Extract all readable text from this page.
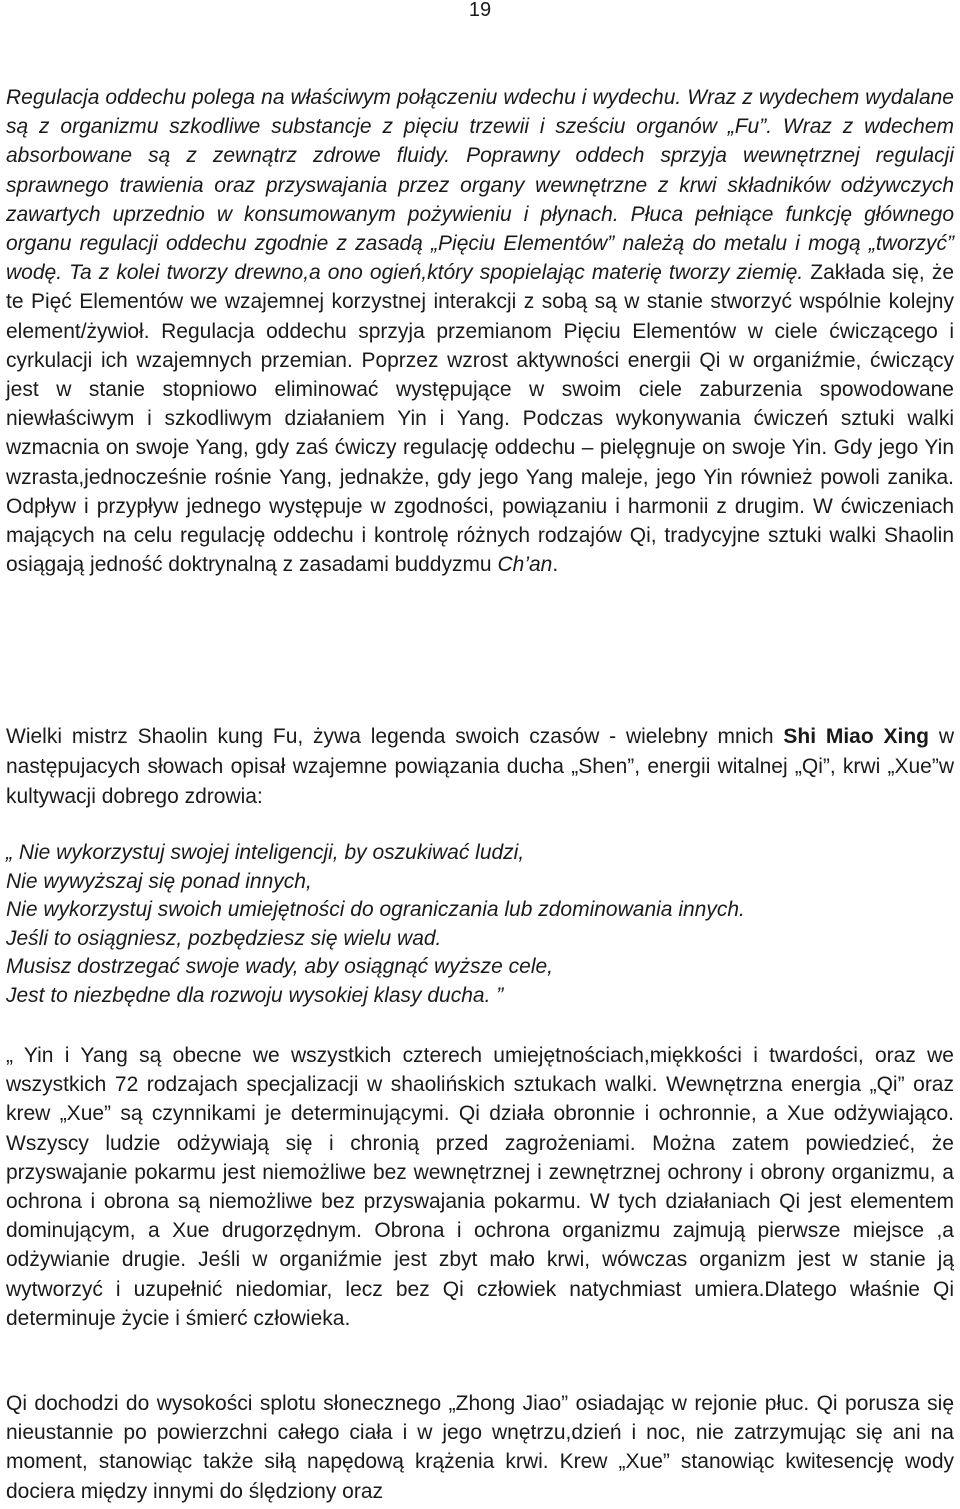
19

Regulacja oddechu polega na właściwym połączeniu wdechu i wydechu. Wraz z wydechem wydalane są z organizmu szkodliwe substancje z pięciu trzewii i sześciu organów „Fu”. Wraz z wdechem absorbowane są z zewnątrz zdrowe fluidy. Poprawny oddech sprzyja wewnętrznej regulacji sprawnego trawienia oraz przyswajania przez organy wewnętrzne z krwi składników odżywczych zawartych uprzednio w konsumowanym pożywieniu i płynach. Płuca pełniące funkcję głównego organu regulacji oddechu zgodnie z zasadą „Pięciu Elementów” należą do metalu i mogą „tworzyć” wodę. Ta z kolei tworzy drewno,a ono ogień,który spopielając materię tworzy ziemię. Zakłada się, że te Pięć Elementów we wzajemnej korzystnej interakcji z sobą są w stanie stworzyć wspólnie kolejny element/żywioł. Regulacja oddechu sprzyja przemianom Pięciu Elementów w ciele ćwiczącego i cyrkulacji ich wzajemnych przemian. Poprzez wzrost aktywności energii Qi w organiźmie, ćwiczący jest w stanie stopniowo eliminować występujące w swoim ciele zaburzenia spowodowane niewłaściwym i szkodliwym działaniem Yin i Yang. Podczas wykonywania ćwiczeń sztuki walki wzmacnia on swoje Yang, gdy zaś ćwiczy regulację oddechu – pielęgnuje on swoje Yin. Gdy jego Yin wzrasta,jednocześnie rośnie Yang, jednakże, gdy jego Yang maleje, jego Yin również powoli zanika. Odpływ i przypływ jednego występuje w zgodności, powiązaniu i harmonii z drugim. W ćwiczeniach mających na celu regulację oddechu i kontrolę różnych rodzajów Qi, tradycyjne sztuki walki Shaolin osiągają jedność doktrynalną z zasadami buddyzmu Ch’an.

Wielki mistrz Shaolin kung Fu, żywa legenda swoich czasów - wielebny mnich Shi Miao Xing w następujacych słowach opisał wzajemne powiązania ducha „Shen”, energii witalnej „Qi”, krwi „Xue”w kultywacji dobrego zdrowia:

„ Nie wykorzystuj swojej inteligencji, by oszukiwać ludzi,
Nie wywyższaj się ponad innych,
Nie wykorzystuj swoich umiejętności do ograniczania lub zdominowania innych.
Jeśli to osiągniesz, pozbędziesz się wielu wad.
Musisz dostrzegać swoje wady, aby osiągnąć wyższe cele,
Jest to niezbędne dla rozwoju wysokiej klasy ducha. ”

„ Yin i Yang są obecne we wszystkich czterech umiejętnościach,miękkości i twardości, oraz we wszystkich 72 rodzajach specjalizacji w shaolińskich sztukach walki. Wewnętrzna energia „Qi” oraz krew „Xue” są czynnikami je determinującymi. Qi działa obronnie i ochronnie, a Xue odżywiająco. Wszyscy ludzie odżywiają się i chronią przed zagrożeniami. Można zatem powiedzieć, że przyswajanie pokarmu jest niemożliwe bez wewnętrznej i zewnętrznej ochrony i obrony organizmu, a ochrona i obrona są niemożliwe bez przyswajania pokarmu. W tych działaniach Qi jest elementem dominującym, a Xue drugorzędnym. Obrona i ochrona organizmu zajmują pierwsze miejsce ,a odżywianie drugie. Jeśli w organiźmie jest zbyt mało krwi, wówczas organizm jest w stanie ją wytworzyć i uzupełnić niedomiar, lecz bez Qi człowiek natychmiast umiera.Dlatego właśnie Qi determinuje życie i śmierć człowieka.

Qi dochodzi do wysokości splotu słonecznego „Zhong Jiao” osiadając w rejonie płuc. Qi porusza się nieustannie po powierzchni całego ciała i w jego wnętrzu,dzień i noc, nie zatrzymując się ani na moment, stanowiąc także siłą napędową krążenia krwi. Krew „Xue” stanowiąc kwitesencję wody dociera między innymi do ślędziony oraz
